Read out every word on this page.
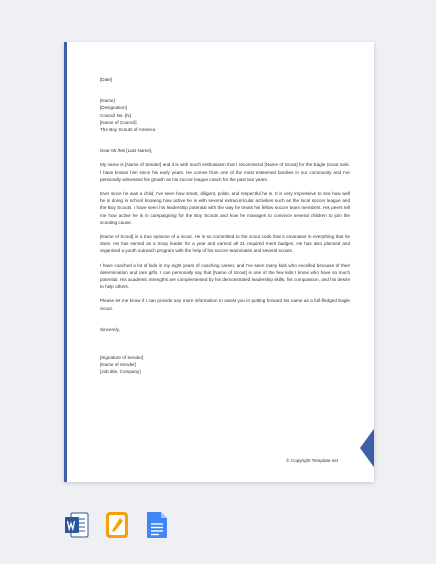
[Date]

[Name]

[Designation]

Council No. [N]

[Name of Council]

The Boy Scouts of America

Dear Mr./Ms [Last Name],

My name is [Name of Sender] and it is with much enthusiasm that I recommend [Name of Scout] for the Eagle Scout rank. I have known him since his early years. He comes from one of the most esteemed families in our community and I've personally witnessed his growth as his soccer league coach for the past two years.

Ever since he was a child, I've seen how smart, diligent, polite, and respectful he is. It is very impressive to see how well he is doing in school knowing how active he is with several extracurricular activities such as the local soccer league and the Boy Scouts. I have seen his leadership potential with the way he treats his fellow soccer team members. His peers tell me how active he is in campaigning for the Boy Scouts and how he manages to convince several children to join the scouting cause.

[Name of Scout] is a true epitome of a scout. He is so committed to the scout code that it emanates in everything that he does. He has served as a troop leader for a year and earned all 21 required merit badges. He has also planned and organized a youth outreach program with the help of his soccer teammates and several scouts.

I have coached a lot of kids in my eight years of coaching career, and I've seen many kids who excelled because of their determination and rare gifts. I can personally say that [Name of Scout] is one of the few kids I know who have so much potential. His academic strengths are complemented by his demonstrated leadership skills, his compassion, and his desire to help others.

Please let me know if I can provide any more information to assist you in putting forward his name as a full-fledged Eagle Scout.

Sincerely,

[Signature of Sender]

[Name of Sender]

[Job title, Company]

© Copyright Template.net
